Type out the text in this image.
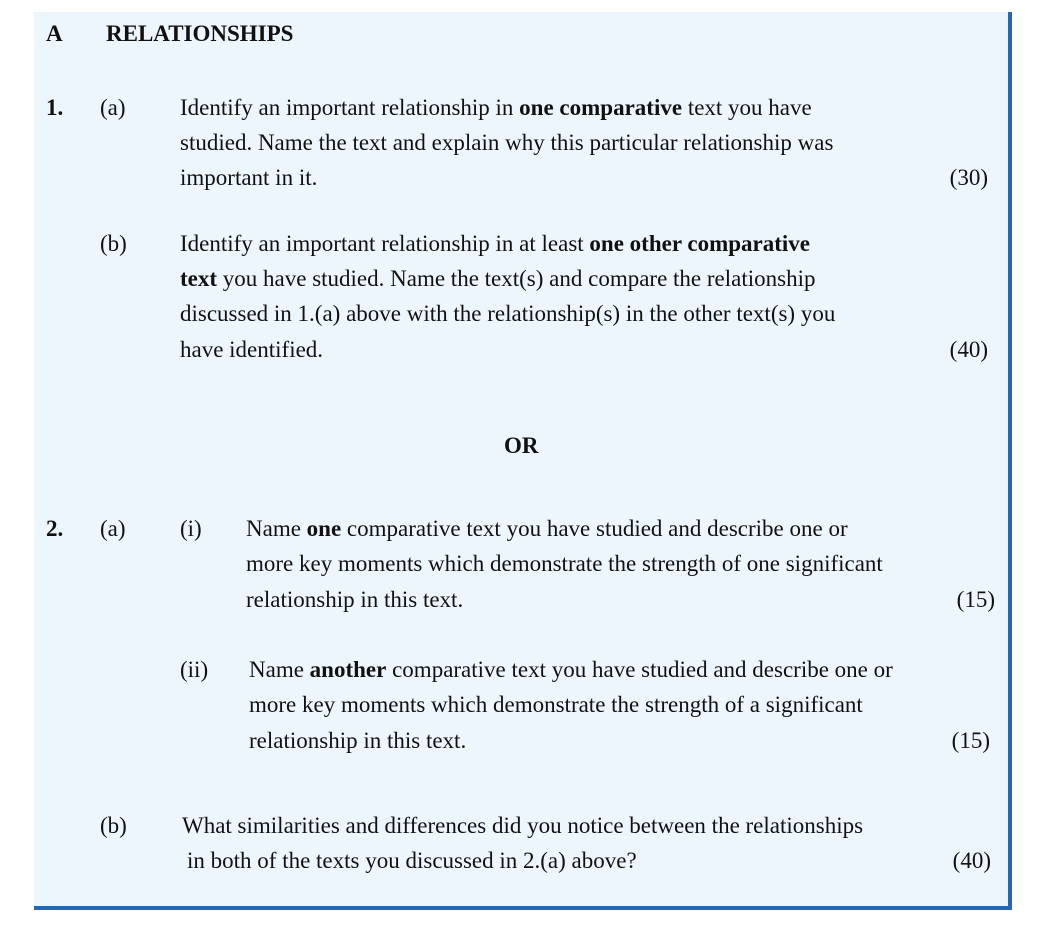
A RELATIONSHIPS
1. (a) Identify an important relationship in one comparative text you have
studied. Name the text and explain why this particular relationship was
important in it.	(30)
(b) Identify an important relationship in at least one other comparative
text you have studied. Name the text(s) and compare the relationship
discussed in 1.(a) above with the relationship(s) in the other text(s) you
have identified.	(40)
OR
2. (a) (i) Name one comparative text you have studied and describe one or
more key moments which demonstrate the strength of one significant
relationship in this text.	(15)
(ii) Name another comparative text you have studied and describe one or
more key moments which demonstrate the strength of a significant
relationship in this text.	(15)
(b) What similarities and differences did you notice between the relationships
in both of the texts you discussed in 2.(a) above?	(40)
